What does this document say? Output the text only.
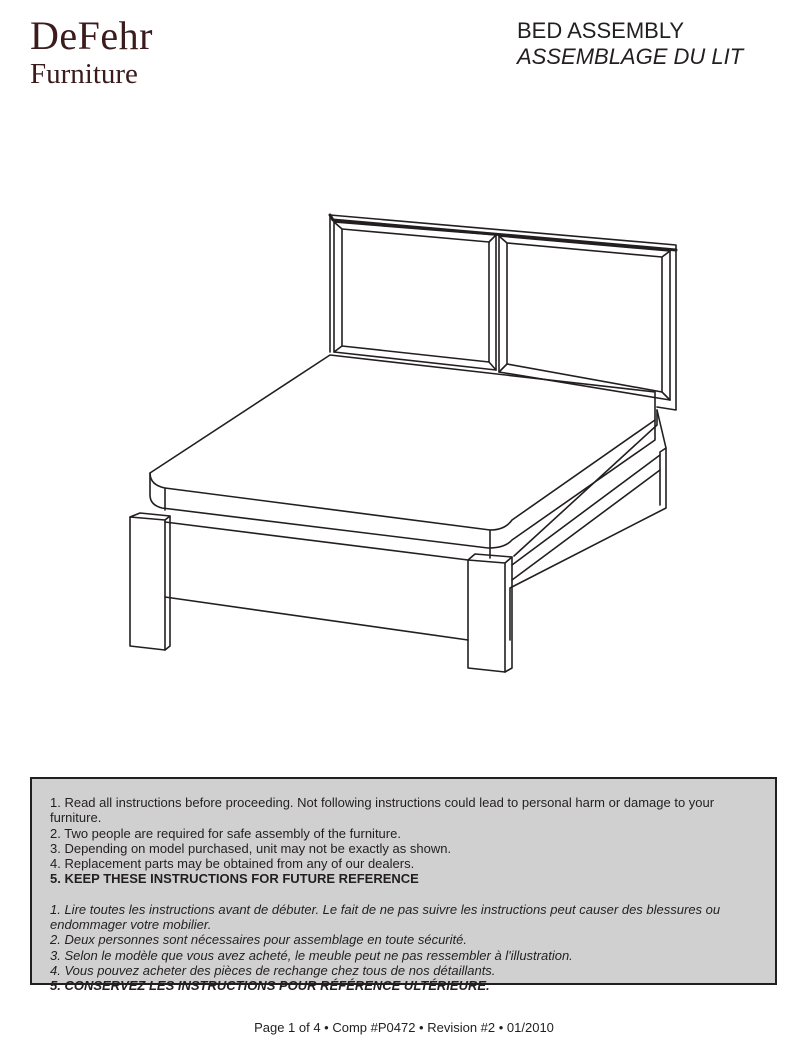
DeFehr
Furniture
BED ASSEMBLY
ASSEMBLAGE DU LIT
1. Read all instructions before proceeding. Not following instructions could lead to personal harm or damage to your furniture.
2. Two people are required for safe assembly of the furniture.
3. Depending on model purchased, unit may not be exactly as shown.
4. Replacement parts may be obtained from any of our dealers.
5. KEEP THESE INSTRUCTIONS FOR FUTURE REFERENCE
1. Lire toutes les instructions avant de débuter. Le fait de ne pas suivre les instructions peut causer des blessures ou endommager votre mobilier.
2. Deux personnes sont nécessaires pour assemblage en toute sécurité.
3. Selon le modèle que vous avez acheté, le meuble peut ne pas ressembler à l'illustration.
4. Vous pouvez acheter des pièces de rechange chez tous de nos détaillants.
5. CONSERVEZ LES INSTRUCTIONS POUR RÉFÉRENCE ULTÉRIEURE.
Page 1 of 4 • Comp #P0472 • Revision #2 • 01/2010
